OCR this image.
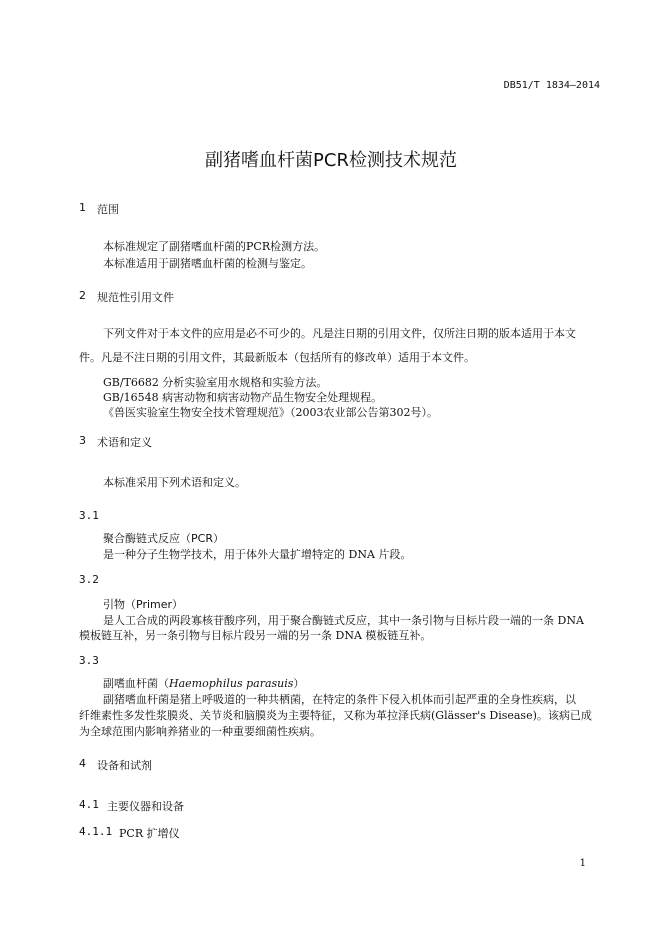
DB51/T 1834—2014
副猪嗜血杆菌PCR检测技术规范
1 范围
本标准规定了副猪嗜血杆菌的PCR检测方法。
本标准适用于副猪嗜血杆菌的检测与鉴定。
2 规范性引用文件
下列文件对于本文件的应用是必不可少的。凡是注日期的引用文件，仅所注日期的版本适用于本文
件。凡是不注日期的引用文件，其最新版本（包括所有的修改单）适用于本文件。
GB/T6682 分析实验室用水规格和实验方法。
GB/16548 病害动物和病害动物产品生物安全处理规程。
《兽医实验室生物安全技术管理规范》（2003农业部公告第302号）。
3 术语和定义
本标准采用下列术语和定义。
3.1
聚合酶链式反应（PCR）
是一种分子生物学技术，用于体外大量扩增特定的 DNA 片段。
3.2
引物（Primer）
是人工合成的两段寡核苷酸序列，用于聚合酶链式反应，其中一条引物与目标片段一端的一条 DNA
模板链互补，另一条引物与目标片段另一端的另一条 DNA 模板链互补。
3.3
副嗜血杆菌（Haemophilus parasuis）
副猪嗜血杆菌是猪上呼吸道的一种共栖菌，在特定的条件下侵入机体而引起严重的全身性疾病，以
纤维素性多发性浆膜炎、关节炎和脑膜炎为主要特征，又称为革拉泽氏病(Glässer's Disease)。该病已成
为全球范围内影响养猪业的一种重要细菌性疾病。
4 设备和试剂
4.1 主要仪器和设备
4.1.1 PCR 扩增仪
1
